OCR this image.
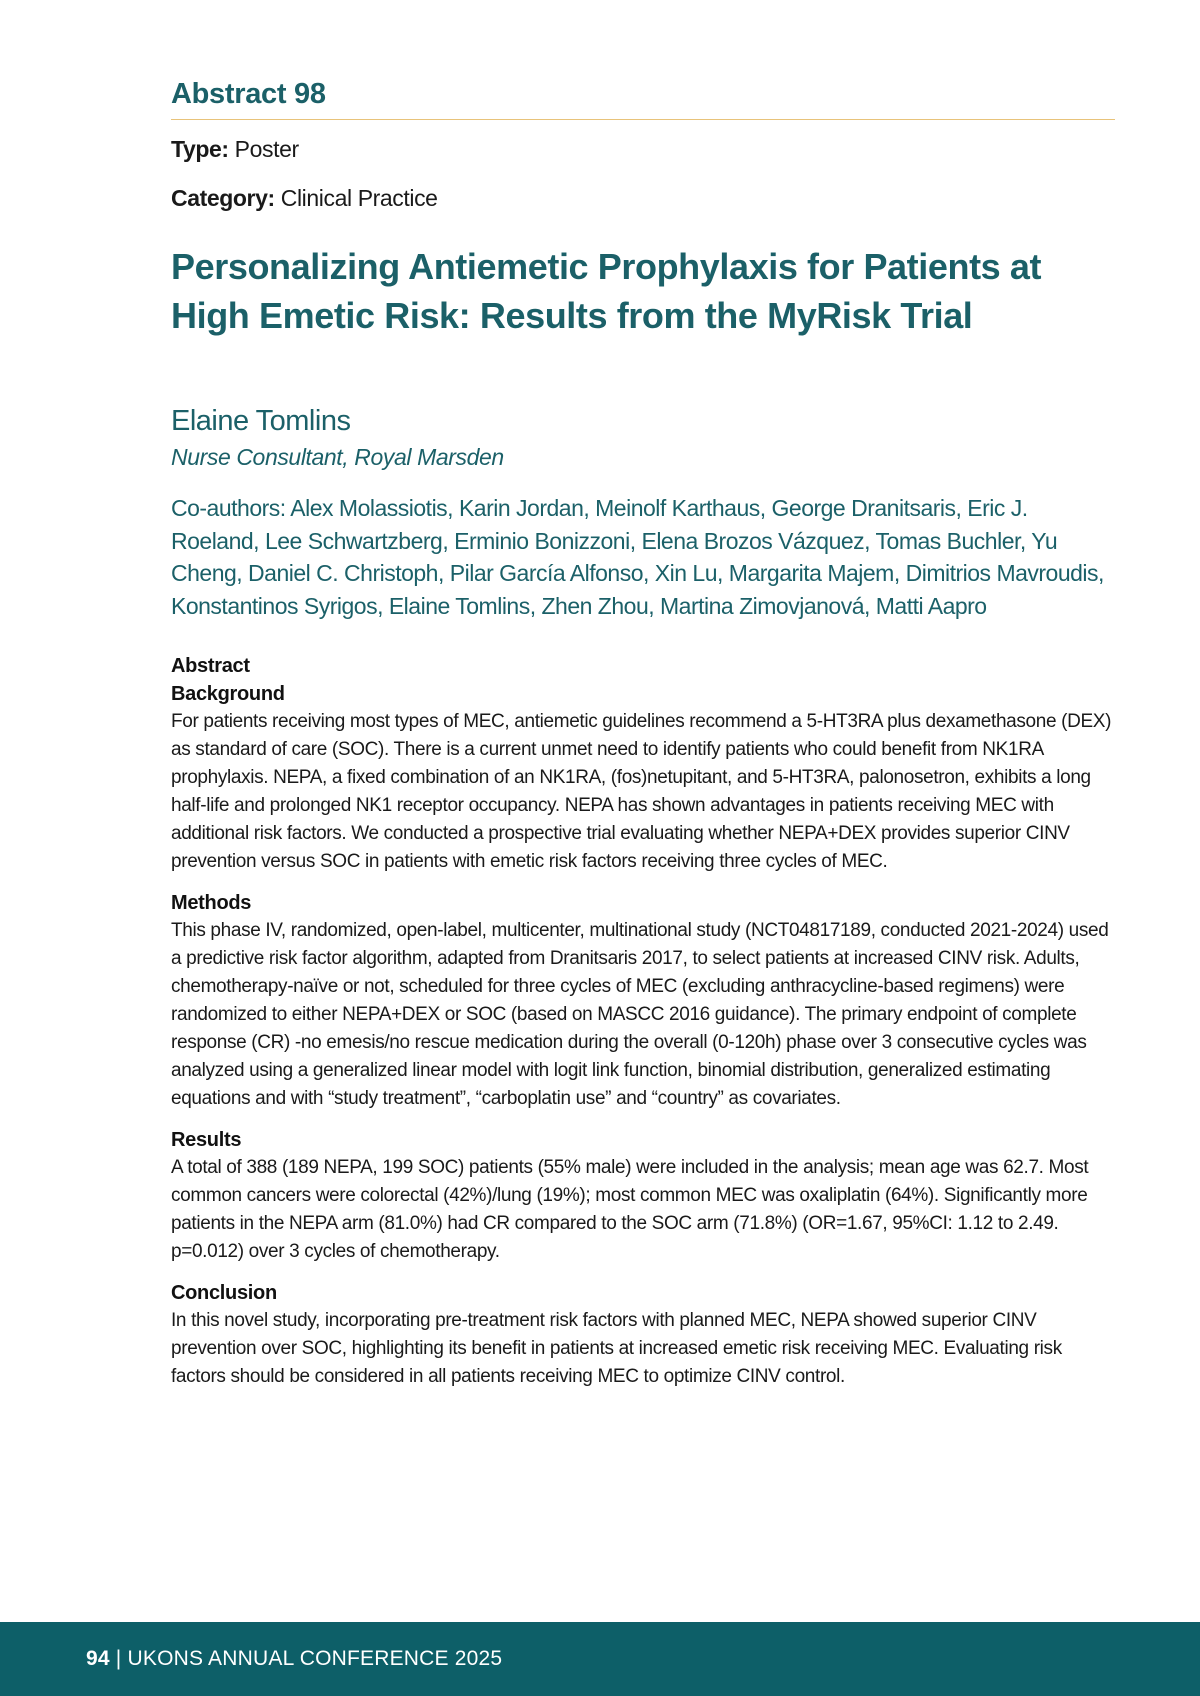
Abstract 98

Type: Poster

Category: Clinical Practice

Personalizing Antiemetic Prophylaxis for Patients at High Emetic Risk: Results from the MyRisk Trial

Elaine Tomlins

Nurse Consultant, Royal Marsden

Co-authors: Alex Molassiotis, Karin Jordan, Meinolf Karthaus, George Dranitsaris, Eric J. Roeland, Lee Schwartzberg, Erminio Bonizzoni, Elena Brozos Vázquez, Tomas Buchler, Yu Cheng, Daniel C. Christoph, Pilar García Alfonso, Xin Lu, Margarita Majem, Dimitrios Mavroudis, Konstantinos Syrigos, Elaine Tomlins, Zhen Zhou, Martina Zimovjanová, Matti Aapro

Abstract

Background

For patients receiving most types of MEC, antiemetic guidelines recommend a 5-HT3RA plus dexamethasone (DEX) as standard of care (SOC). There is a current unmet need to identify patients who could benefit from NK1RA prophylaxis. NEPA, a fixed combination of an NK1RA, (fos)netupitant, and 5-HT3RA, palonosetron, exhibits a long half-life and prolonged NK1 receptor occupancy. NEPA has shown advantages in patients receiving MEC with additional risk factors. We conducted a prospective trial evaluating whether NEPA+DEX provides superior CINV prevention versus SOC in patients with emetic risk factors receiving three cycles of MEC.

Methods

This phase IV, randomized, open-label, multicenter, multinational study (NCT04817189, conducted 2021-2024) used a predictive risk factor algorithm, adapted from Dranitsaris 2017, to select patients at increased CINV risk. Adults, chemotherapy-naïve or not, scheduled for three cycles of MEC (excluding anthracycline-based regimens) were randomized to either NEPA+DEX or SOC (based on MASCC 2016 guidance). The primary endpoint of complete response (CR) -no emesis/no rescue medication during the overall (0-120h) phase over 3 consecutive cycles was analyzed using a generalized linear model with logit link function, binomial distribution, generalized estimating equations and with “study treatment”, “carboplatin use” and “country” as covariates.

Results

A total of 388 (189 NEPA, 199 SOC) patients (55% male) were included in the analysis; mean age was 62.7. Most common cancers were colorectal (42%)/lung (19%); most common MEC was oxaliplatin (64%). Significantly more patients in the NEPA arm (81.0%) had CR compared to the SOC arm (71.8%) (OR=1.67, 95%CI: 1.12 to 2.49. p=0.012) over 3 cycles of chemotherapy.

Conclusion

In this novel study, incorporating pre-treatment risk factors with planned MEC, NEPA showed superior CINV prevention over SOC, highlighting its benefit in patients at increased emetic risk receiving MEC. Evaluating risk factors should be considered in all patients receiving MEC to optimize CINV control.

94 | UKONS ANNUAL CONFERENCE 2025
